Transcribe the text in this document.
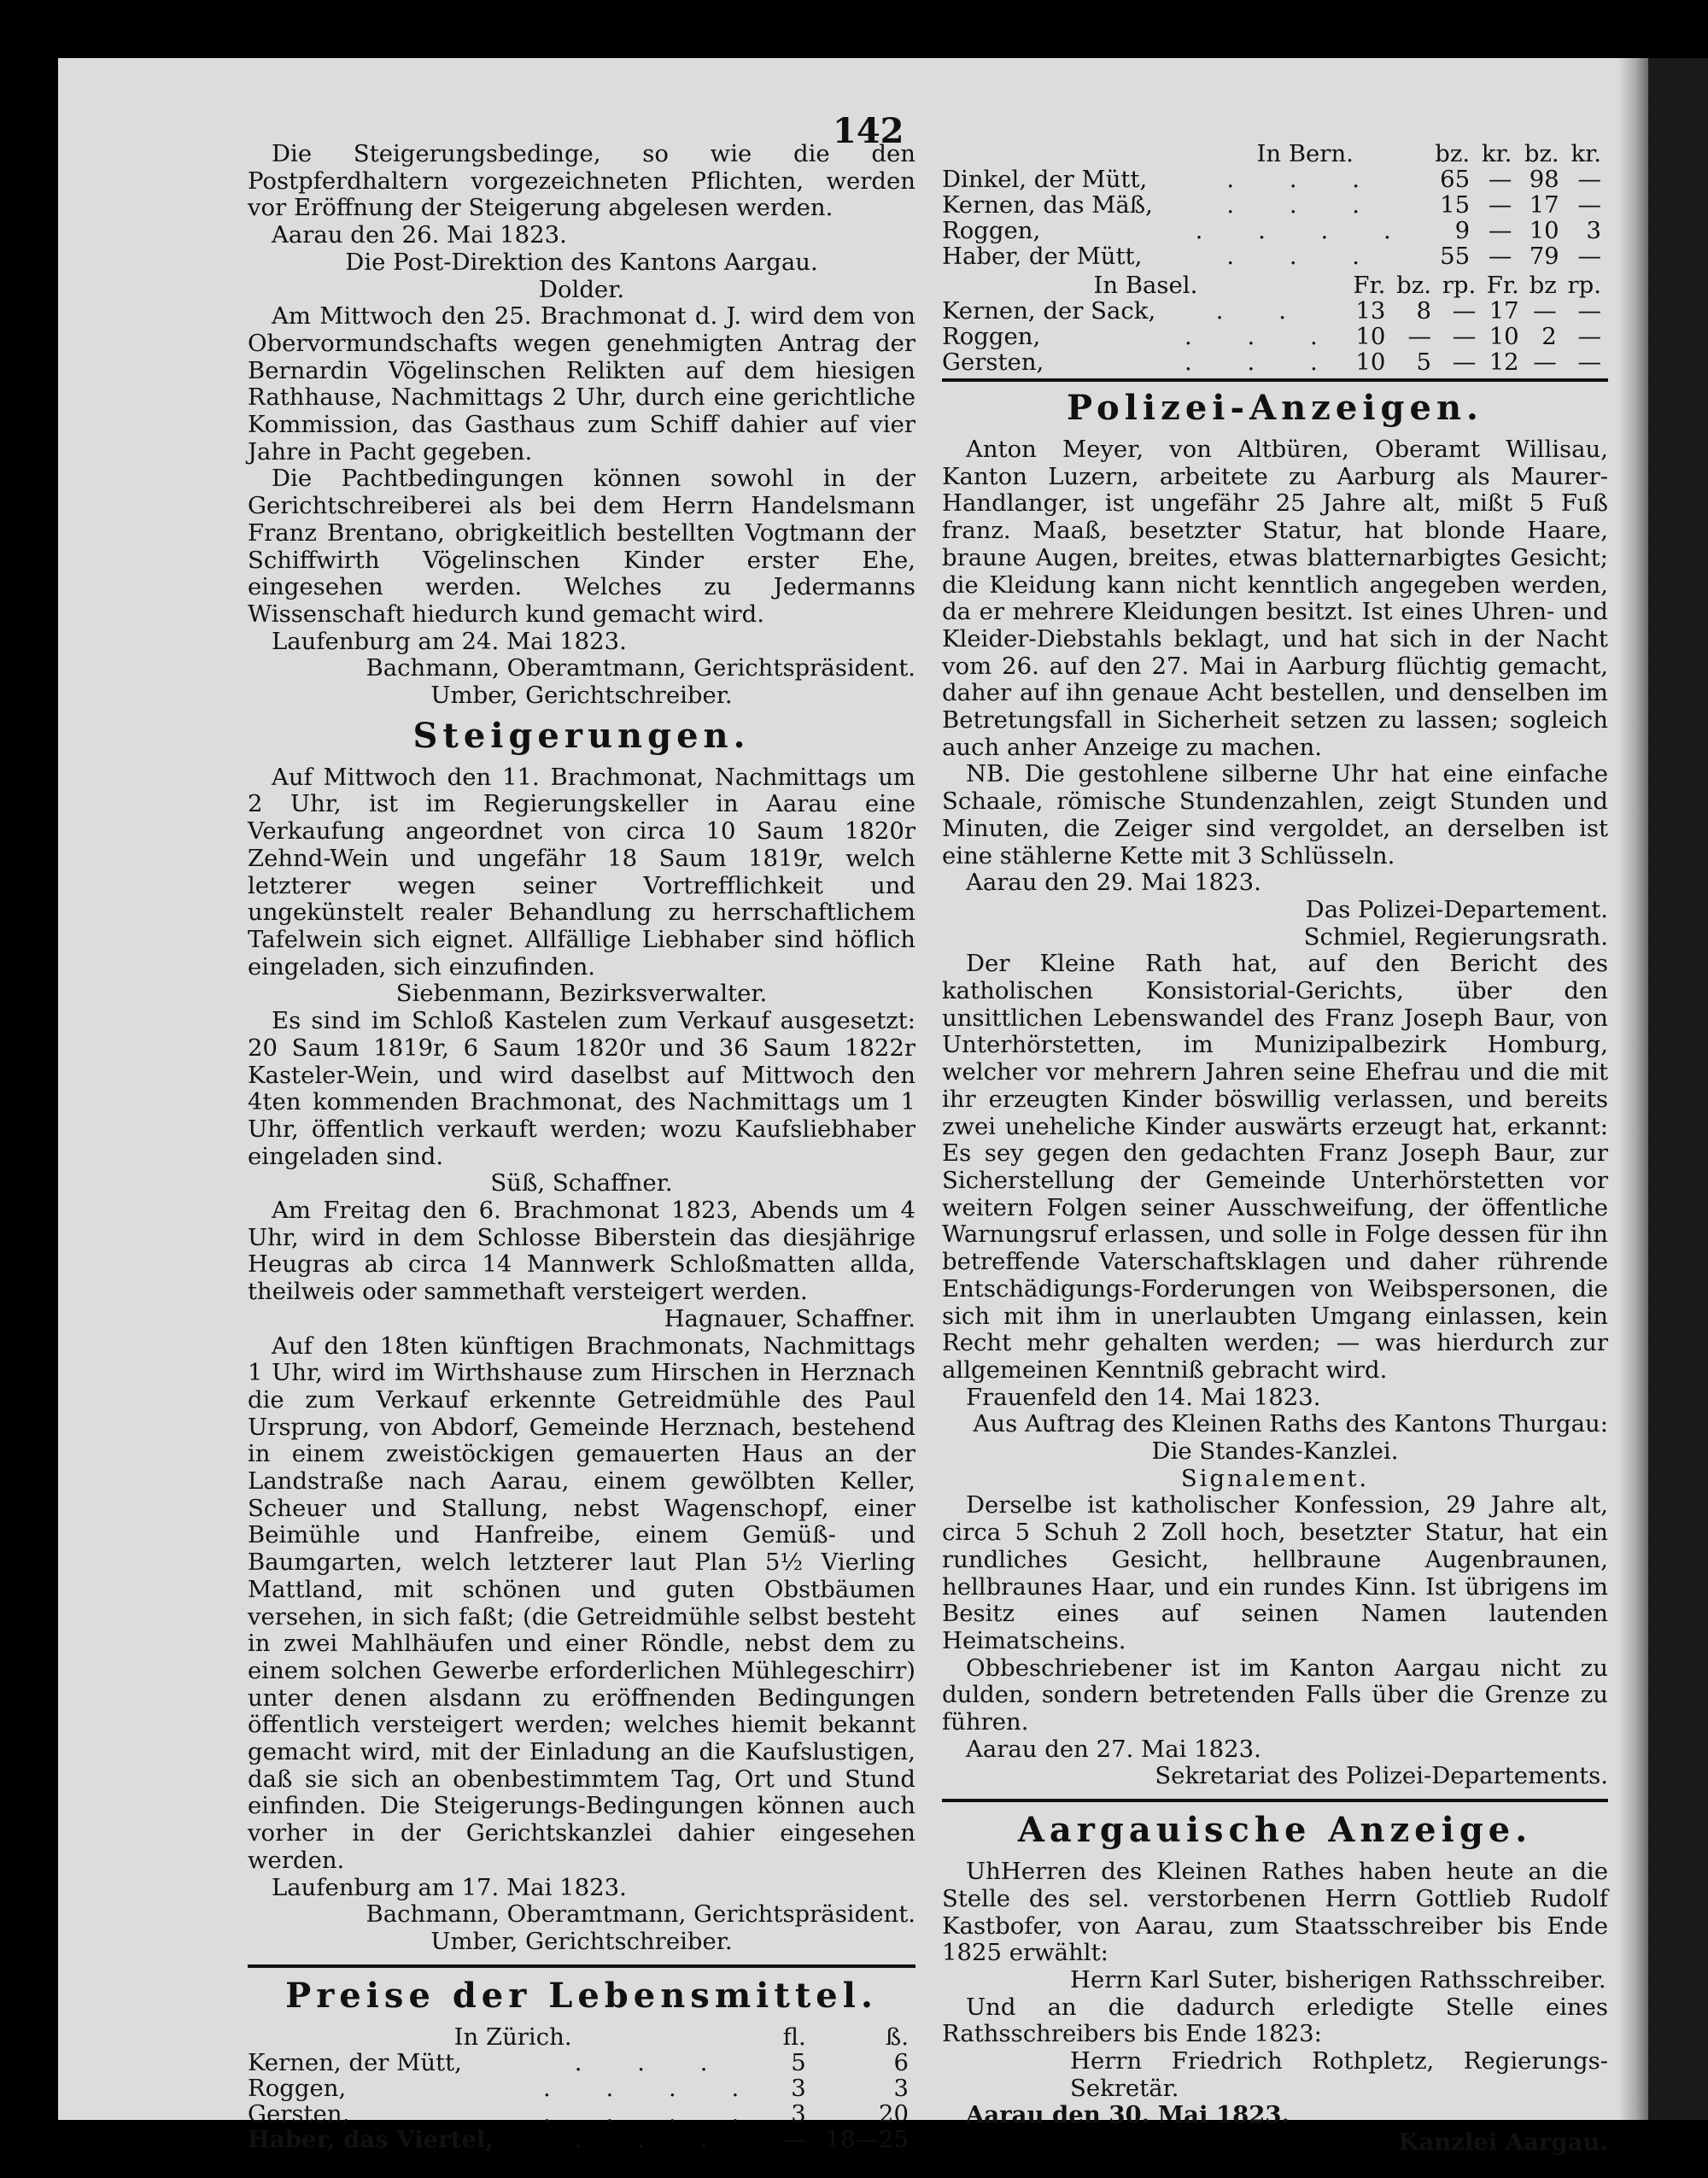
142

Die Steigerungsbedinge, so wie die den Postpferdhaltern vorgezeichneten Pflichten, werden vor Eröffnung der Steigerung abgelesen werden.

Aarau den 26. Mai 1823.

Die Post-Direktion des Kantons Aargau.

Dolder.

Am Mittwoch den 25. Brachmonat d. J. wird dem von Obervormundschafts wegen genehmigten Antrag der Bernardin Vögelinschen Relikten auf dem hiesigen Rathhause, Nachmittags 2 Uhr, durch eine gerichtliche Kommission, das Gasthaus zum Schiff dahier auf vier Jahre in Pacht gegeben.

Die Pachtbedingungen können sowohl in der Gerichtschreiberei als bei dem Herrn Handelsmann Franz Brentano, obrigkeitlich bestellten Vogtmann der Schiffwirth Vögelinschen Kinder erster Ehe, eingesehen werden. Welches zu Jedermanns Wissenschaft hiedurch kund gemacht wird.

Laufenburg am 24. Mai 1823.

Bachmann, Oberamtmann, Gerichtspräsident.

Umber, Gerichtschreiber.

Steigerungen.

Auf Mittwoch den 11. Brachmonat, Nachmittags um 2 Uhr, ist im Regierungskeller in Aarau eine Verkaufung angeordnet von circa 10 Saum 1820r Zehnd-Wein und ungefähr 18 Saum 1819r, welch letzterer wegen seiner Vortrefflichkeit und ungekünstelt realer Behandlung zu herrschaftlichem Tafelwein sich eignet. Allfällige Liebhaber sind höflich eingeladen, sich einzufinden.

Siebenmann, Bezirksverwalter.

Es sind im Schloß Kastelen zum Verkauf ausgesetzt: 20 Saum 1819r, 6 Saum 1820r und 36 Saum 1822r Kasteler-Wein, und wird daselbst auf Mittwoch den 4ten kommenden Brachmonat, des Nachmittags um 1 Uhr, öffentlich verkauft werden; wozu Kaufsliebhaber eingeladen sind.

Süß, Schaffner.

Am Freitag den 6. Brachmonat 1823, Abends um 4 Uhr, wird in dem Schlosse Biberstein das diesjährige Heugras ab circa 14 Mannwerk Schloßmatten allda, theilweis oder sammethaft versteigert werden.

Hagnauer, Schaffner.

Auf den 18ten künftigen Brachmonats, Nachmittags 1 Uhr, wird im Wirthshause zum Hirschen in Herznach die zum Verkauf erkennte Getreidmühle des Paul Ursprung, von Abdorf, Gemeinde Herznach, bestehend in einem zweistöckigen gemauerten Haus an der Landstraße nach Aarau, einem gewölbten Keller, Scheuer und Stallung, nebst Wagenschopf, einer Beimühle und Hanfreibe, einem Gemüß- und Baumgarten, welch letzterer laut Plan 5½ Vierling Mattland, mit schönen und guten Obstbäumen versehen, in sich faßt; (die Getreidmühle selbst besteht in zwei Mahlhäufen und einer Röndle, nebst dem zu einem solchen Gewerbe erforderlichen Mühlegeschirr) unter denen alsdann zu eröffnenden Bedingungen öffentlich versteigert werden; welches hiemit bekannt gemacht wird, mit der Einladung an die Kaufslustigen, daß sie sich an obenbestimmtem Tag, Ort und Stund einfinden. Die Steigerungs-Bedingungen können auch vorher in der Gerichtskanzlei dahier eingesehen werden.

Laufenburg am 17. Mai 1823.

Bachmann, Oberamtmann, Gerichtspräsident.

Umber, Gerichtschreiber.

Preise der Lebensmittel.
In Zürich.		fl.	ß.
Kernen, der Mütt,	. . .	5	6
Roggen,	. . . .	3	3
Gersten,	. . . .	3	20
Haber, das Viertel,	. . .	—	18—25
	In Bern.	bz.	kr.	bz.	kr.
Dinkel, der Mütt,	. . .	65	—	98	—
Kernen, das Mäß,	. . .	15	—	17	—
Roggen,	. . . .	9	—	10	3
Haber, der Mütt,	. . .	55	—	79	—
In Basel.		Fr.	bz.	rp.	Fr.	bz	rp.
Kernen, der Sack,	. .	13	8	—	17	—	—
Roggen,	. . .	10	—	—	10	2	—
Gersten,	. . .	10	5	—	12	—	—
Polizei-Anzeigen.

Anton Meyer, von Altbüren, Oberamt Willisau, Kanton Luzern, arbeitete zu Aarburg als Maurer-Handlanger, ist ungefähr 25 Jahre alt, mißt 5 Fuß franz. Maaß, besetzter Statur, hat blonde Haare, braune Augen, breites, etwas blatternarbigtes Gesicht; die Kleidung kann nicht kenntlich angegeben werden, da er mehrere Kleidungen besitzt. Ist eines Uhren- und Kleider-Diebstahls beklagt, und hat sich in der Nacht vom 26. auf den 27. Mai in Aarburg flüchtig gemacht, daher auf ihn genaue Acht bestellen, und denselben im Betretungsfall in Sicherheit setzen zu lassen; sogleich auch anher Anzeige zu machen.

NB. Die gestohlene silberne Uhr hat eine einfache Schaale, römische Stundenzahlen, zeigt Stunden und Minuten, die Zeiger sind vergoldet, an derselben ist eine stählerne Kette mit 3 Schlüsseln.

Aarau den 29. Mai 1823.

Das Polizei-Departement.

Schmiel, Regierungsrath.

Der Kleine Rath hat, auf den Bericht des katholischen Konsistorial-Gerichts, über den unsittlichen Lebenswandel des Franz Joseph Baur, von Unterhörstetten, im Munizipalbezirk Homburg, welcher vor mehrern Jahren seine Ehefrau und die mit ihr erzeugten Kinder böswillig verlassen, und bereits zwei uneheliche Kinder auswärts erzeugt hat, erkannt: Es sey gegen den gedachten Franz Joseph Baur, zur Sicherstellung der Gemeinde Unterhörstetten vor weitern Folgen seiner Ausschweifung, der öffentliche Warnungsruf erlassen, und solle in Folge dessen für ihn betreffende Vaterschaftsklagen und daher rührende Entschädigungs-Forderungen von Weibspersonen, die sich mit ihm in unerlaubten Umgang einlassen, kein Recht mehr gehalten werden; — was hierdurch zur allgemeinen Kenntniß gebracht wird.

Frauenfeld den 14. Mai 1823.

Aus Auftrag des Kleinen Raths des Kantons Thurgau:

Die Standes-Kanzlei.

Signalement.

Derselbe ist katholischer Konfession, 29 Jahre alt, circa 5 Schuh 2 Zoll hoch, besetzter Statur, hat ein rundliches Gesicht, hellbraune Augenbraunen, hellbraunes Haar, und ein rundes Kinn. Ist übrigens im Besitz eines auf seinen Namen lautenden Heimatscheins.

Obbeschriebener ist im Kanton Aargau nicht zu dulden, sondern betretenden Falls über die Grenze zu führen.

Aarau den 27. Mai 1823.

Sekretariat des Polizei-Departements.

Aargauische Anzeige.

UhHerren des Kleinen Rathes haben heute an die Stelle des sel. verstorbenen Herrn Gottlieb Rudolf Kastbofer, von Aarau, zum Staatsschreiber bis Ende 1825 erwählt:

Herrn Karl Suter, bisherigen Rathsschreiber.

Und an die dadurch erledigte Stelle eines Rathsschreibers bis Ende 1823:

Herrn Friedrich Rothpletz, Regierungs-Sekretär.

Aarau den 30. Mai 1823.

Kanzlei Aargau.
